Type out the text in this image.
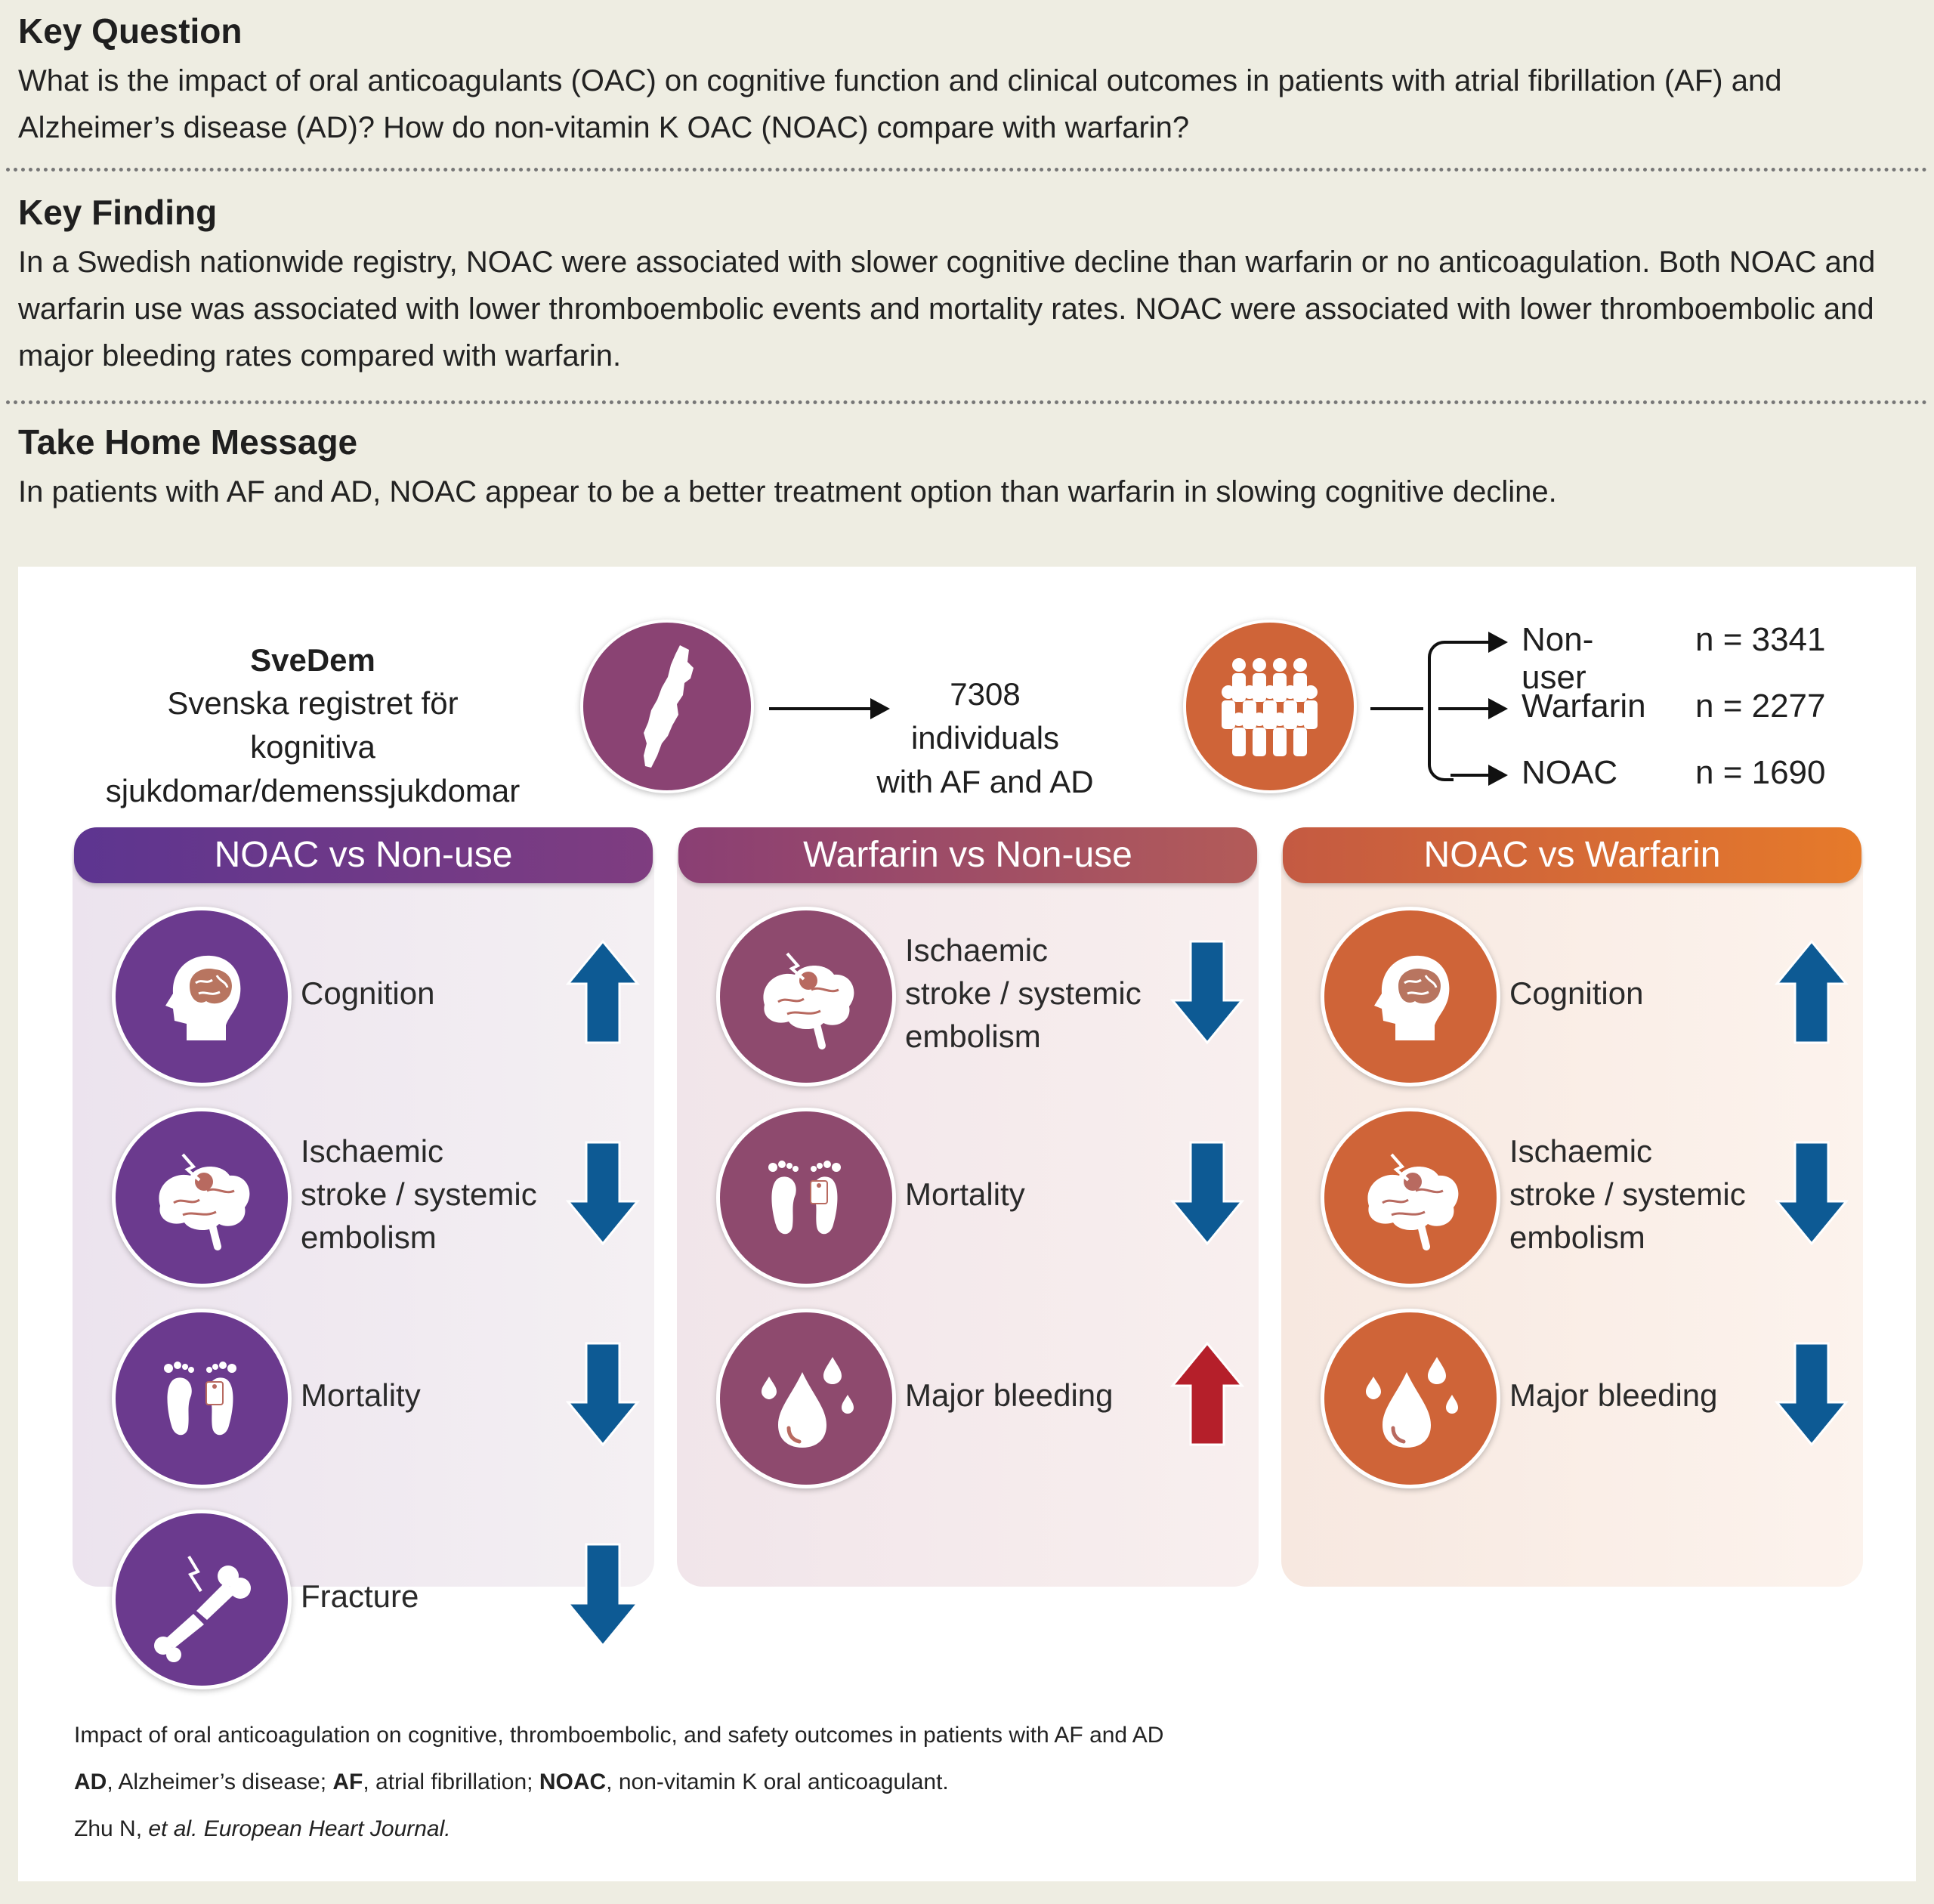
Key Question

What is the impact of oral anticoagulants (OAC) on cognitive function and clinical outcomes in patients with atrial fibrillation (AF) and Alzheimer’s disease (AD)? How do non-vitamin K OAC (NOAC) compare with warfarin?

Key Finding

In a Swedish nationwide registry, NOAC were associated with slower cognitive decline than warfarin or no anticoagulation. Both NOAC and warfarin use was associated with lower thromboembolic events and mortality rates. NOAC were associated with lower thromboembolic and major bleeding rates compared with warfarin.

Take Home Message

In patients with AF and AD, NOAC appear to be a better treatment option than warfarin in slowing cognitive decline.

SveDem
Svenska registret för kognitiva
sjukdomar/demenssjukdomar
7308 individuals
with AF and AD
Non-user
n = 3341
Warfarin n = 2277
NOAC n = 1690
NOAC vs Non-use	Warfarin vs Non-use	NOAC vs Warfarin
Cognition
Ischaemic
stroke / systemic
embolism
Mortality
Fracture
Ischaemic
stroke / systemic
embolism
Mortality
Major bleeding
Cognition
Ischaemic
stroke / systemic
embolism
Major bleeding
Impact of oral anticoagulation on cognitive, thromboembolic, and safety outcomes in patients with AF and AD
AD, Alzheimer’s disease; AF, atrial fibrillation; NOAC, non-vitamin K oral anticoagulant.
Zhu N, et al. European Heart Journal.
